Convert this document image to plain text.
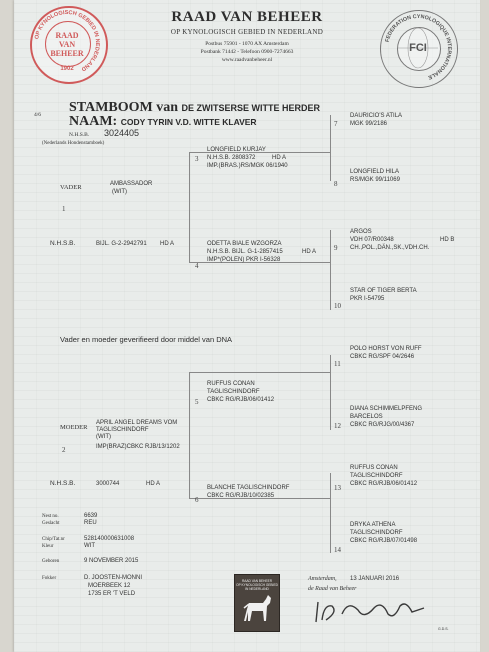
OP KYNOLOGISCH GEBIED IN NEDERLAND
RAAD
VAN
BEHEER
1902
RAAD VAN BEHEER
OP KYNOLOGISCH GEBIED IN NEDERLAND
Postbus 75901 - 1070 AX Amsterdam
Postbank 71442 - Telefoon 0900-7274663
www.raadvanbeheer.nl
FEDERATION CYNOLOGIQUE INTERNATIONALE
FCI
4/6 STAMBOOM van DE ZWITSERSE WITTE HERDER
NAAM: CODY TYRIN V.D. WITTE KLAVER
N.H.S.B. 3024405
(Nederlands Hondenstamboek)
VADER	AMBASSADOR
(WIT)
1
N.H.S.B.	BIJL. G-2-2942791 HD A
Vader en moeder geverifieerd door middel van DNA
MOEDER
APRIL ANGEL DREAMS VOM
TAGLISCHINDORF
(WIT)
2	IMP(BRAZ)CBKC RJB/13/1202
N.H.S.B.	3000744	HD A
3
LONGFIELD KURJAY
N.H.S.B. 2808372	HD A
IMP.(BRAS.)RS/MGK 06/1940
4
ODETTA BIALE WZGORZA
N.H.S.B. BIJL. G-1-2857415	HD A
IMP*(POLEN) PKR I-56328
5
RUFFUS CONAN
TAGLISCHINDORF
CBKC RG/RJB/06/01412
6
BLANCHE TAGLISCHINDORF
CBKC RG/RJB/10/02385
7
DAURICIO'S ATILA
MGK 99/2186
8
LONGFIELD HILA
RS/MGK 99/11069
9
ARGOS
VDH 07/R00348	HD B
CH.,POL.,DÄN.,SK.,VDH.CH.
10
STAR OF TIGER BERTA
PKR I-54795
11
POLO HORST VON RUFF
CBKC RG/SPF 04/2646
12
DIANA SCHIMMELPFENG
BARCELOS
CBKC RG/RJG/00/4367
13
RUFFUS CONAN
TAGLISCHINDORF
CBKC RG/RJB/06/01412
14
DRYKA ATHENA
TAGLISCHINDORF
CBKC RG/RJB/07/01498
Nest no.	6639
Geslacht	REU
Chip/Tat.nr	528140000631008
Kleur	WIT
Geboren	9 NOVEMBER 2015
Fokker	D. JOOSTEN-MONNI
MOERBEEK 12
1735 ER 'T VELD
RAAD VAN BEHEER
OP KYNOLOGISCH GEBIED
IN NEDERLAND
Amsterdam, 13 JANUARI 2016
de Raad van Beheer
G.D.S.
